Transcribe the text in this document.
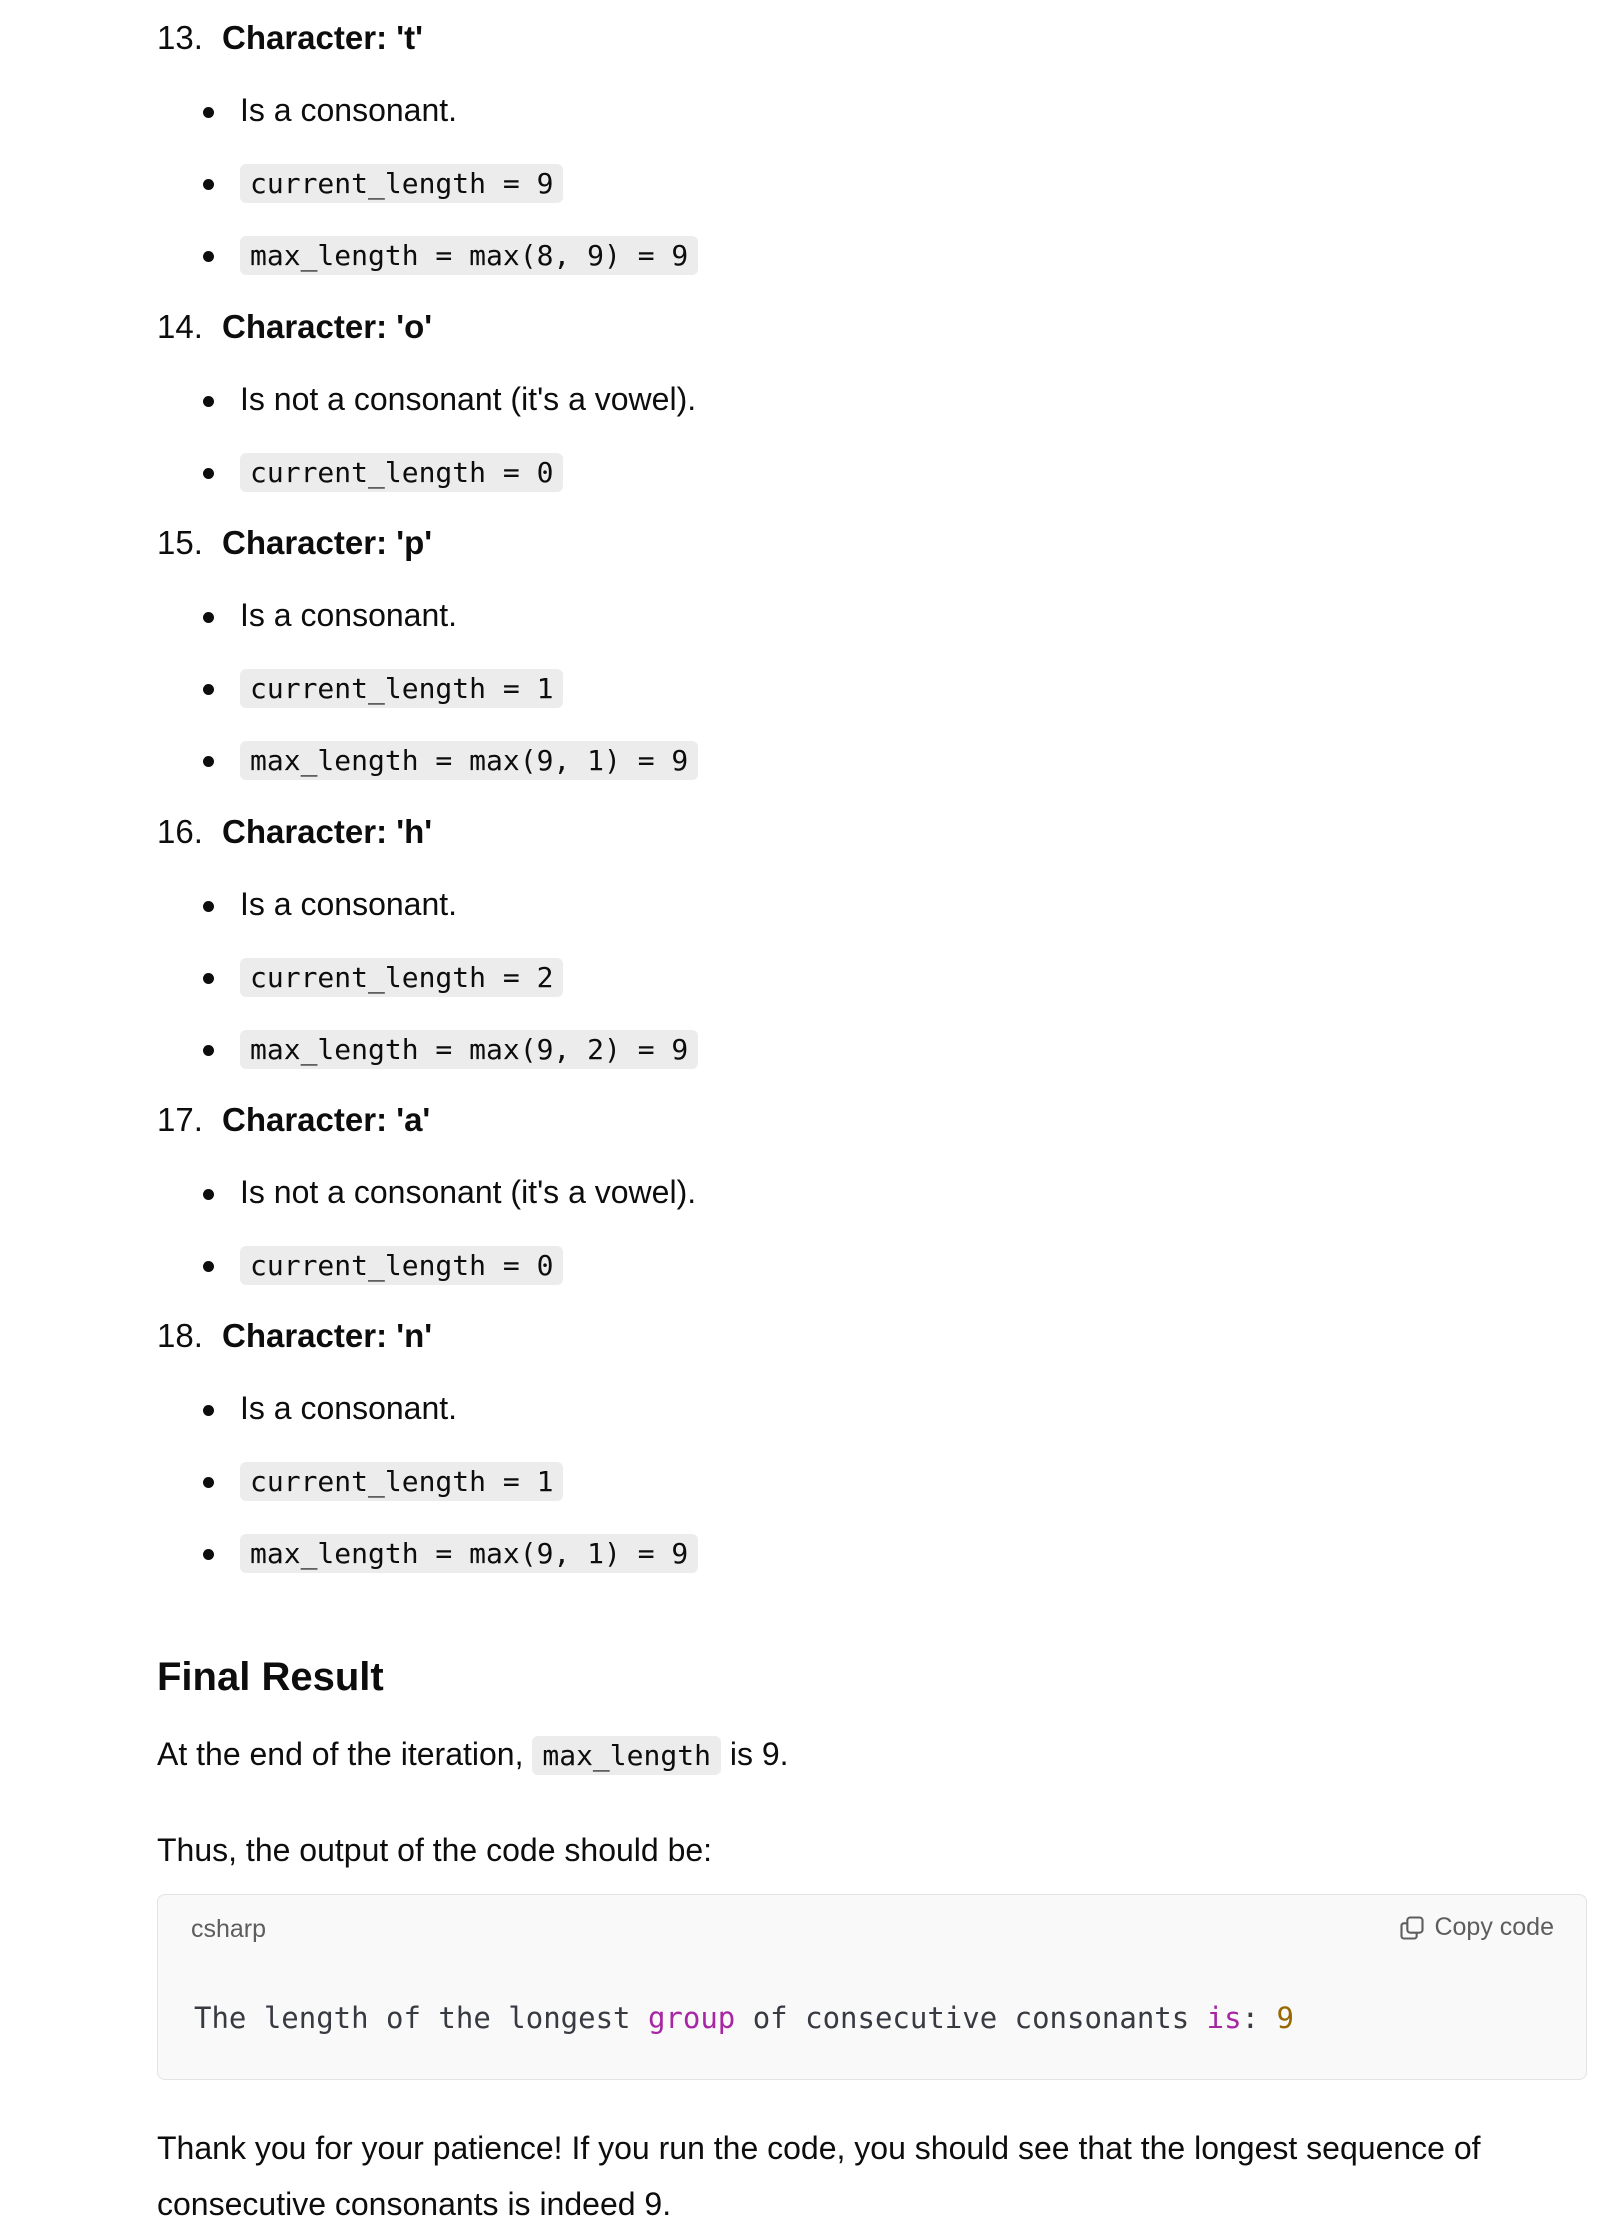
13. Character: 't'
Is a consonant.
current_length = 9
max_length = max(8, 9) = 9
14. Character: 'o'
Is not a consonant (it's a vowel).
current_length = 0
15. Character: 'p'
Is a consonant.
current_length = 1
max_length = max(9, 1) = 9
16. Character: 'h'
Is a consonant.
current_length = 2
max_length = max(9, 2) = 9
17. Character: 'a'
Is not a consonant (it's a vowel).
current_length = 0
18. Character: 'n'
Is a consonant.
current_length = 1
max_length = max(9, 1) = 9
Final Result
At the end of the iteration, max_length is 9.
Thus, the output of the code should be:
csharp	Copy code
The length of the longest group of consecutive consonants is: 9
Thank you for your patience! If you run the code, you should see that the longest sequence of consecutive consonants is indeed 9.
